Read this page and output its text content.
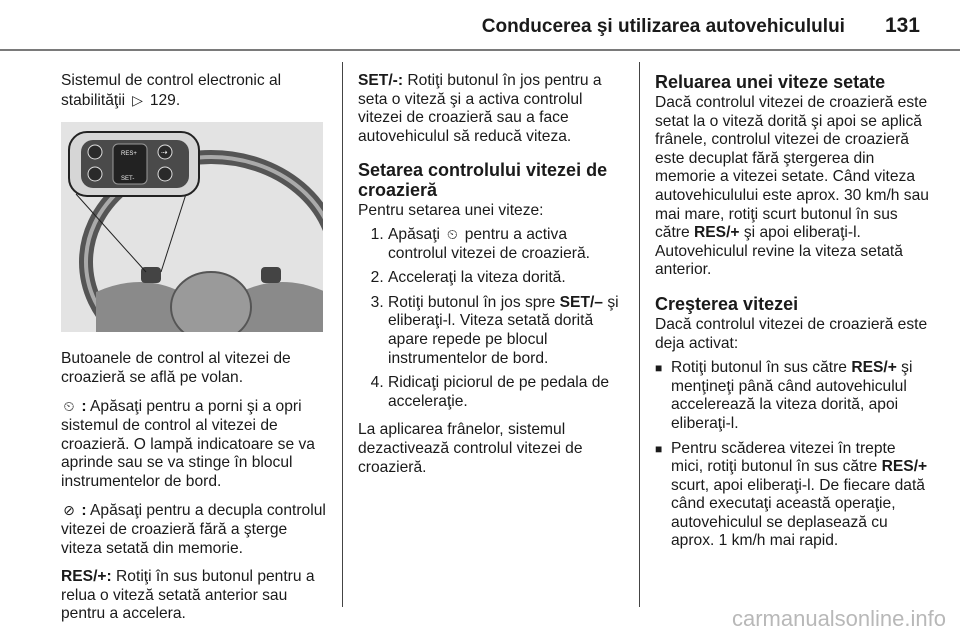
Conducerea şi utilizarea autovehiculului 131

Sistemul de control electronic al stabilităţii ▷ 129.

RES+
SET-
⇢

Butoanele de control al vitezei de croazieră se află pe volan.

⏲ : Apăsaţi pentru a porni şi a opri sistemul de control al vitezei de croazieră. O lampă indicatoare se va aprinde sau se va stinge în blocul instrumentelor de bord.

⊘ : Apăsaţi pentru a decupla controlul vitezei de croazieră fără a şterge viteza setată din memorie.

RES/+: Rotiţi în sus butonul pentru a relua o viteză setată anterior sau pentru a accelera.

SET/-: Rotiţi butonul în jos pentru a seta o viteză şi a activa controlul vitezei de croazieră sau a face autovehiculul să reducă viteza.

Setarea controlului vitezei de croazieră

Pentru setarea unei viteze:

1. Apăsaţi ⏲ pentru a activa controlul vitezei de croazieră.
2. Acceleraţi la viteza dorită.
3. Rotiţi butonul în jos spre SET/– şi eliberaţi-l. Viteza setată dorită apare repede pe blocul instrumentelor de bord.
4. Ridicaţi piciorul de pe pedala de acceleraţie.

La aplicarea frânelor, sistemul dezactivează controlul vitezei de croazieră.

Reluarea unei viteze setate

Dacă controlul vitezei de croazieră este setat la o viteză dorită şi apoi se aplică frânele, controlul vitezei de croazieră este decuplat fără ştergerea din memorie a vitezei setate. Când viteza autovehiculului este aprox. 30 km/h sau mai mare, rotiţi scurt butonul în sus către RES/+ şi apoi eliberaţi-l. Autovehiculul revine la viteza setată anterior.

Creşterea vitezei

Dacă controlul vitezei de croazieră este deja activat:

■ Rotiţi butonul în sus către RES/+ şi menţineţi până când autovehiculul accelerează la viteza dorită, apoi eliberaţi-l.
■ Pentru scăderea vitezei în trepte mici, rotiţi butonul în sus către RES/+ scurt, apoi eliberaţi-l. De fiecare dată când executaţi această operaţie, autovehiculul se deplasează cu aprox. 1 km/h mai rapid.
carmanualsonline.info
